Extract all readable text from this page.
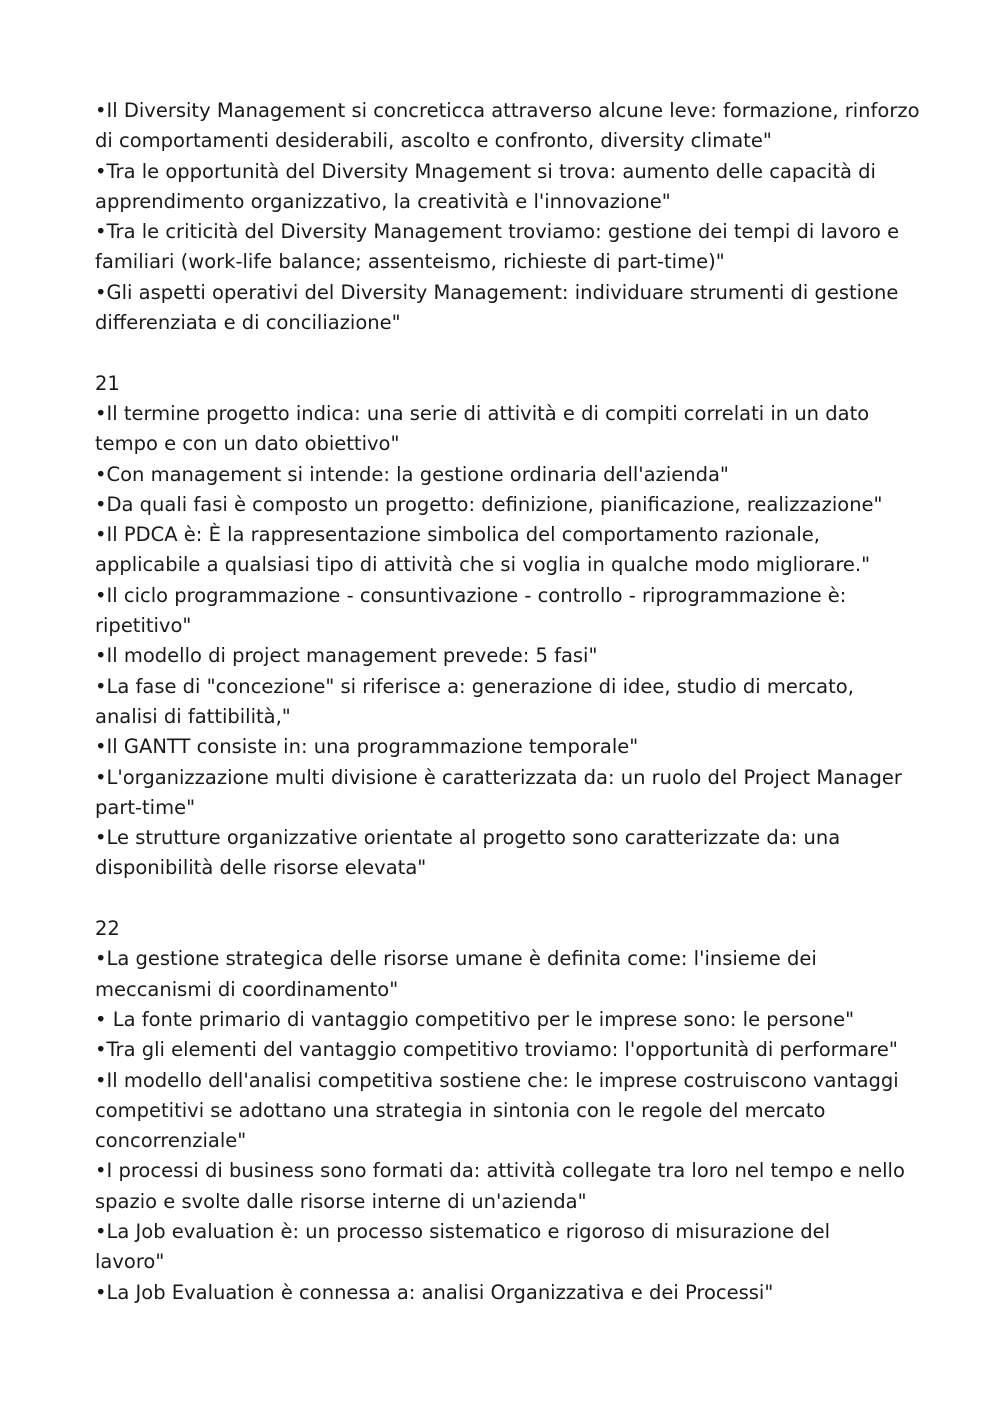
•Il Diversity Management si concreticca attraverso alcune leve: formazione, rinforzo
di comportamenti desiderabili, ascolto e confronto, diversity climate"
•Tra le opportunità del Diversity Mnagement si trova: aumento delle capacità di
apprendimento organizzativo, la creatività e l'innovazione"
•Tra le criticità del Diversity Management troviamo: gestione dei tempi di lavoro e
familiari (work-life balance; assenteismo, richieste di part-time)"
•Gli aspetti operativi del Diversity Management: individuare strumenti di gestione
differenziata e di conciliazione"
21
•Il termine progetto indica: una serie di attività e di compiti correlati in un dato
tempo e con un dato obiettivo"
•Con management si intende: la gestione ordinaria dell'azienda"
•Da quali fasi è composto un progetto: definizione, pianificazione, realizzazione"
•Il PDCA è: È la rappresentazione simbolica del comportamento razionale,
applicabile a qualsiasi tipo di attività che si voglia in qualche modo migliorare."
•Il ciclo programmazione - consuntivazione - controllo - riprogrammazione è:
ripetitivo"
•Il modello di project management prevede: 5 fasi"
•La fase di "concezione" si riferisce a: generazione di idee, studio di mercato,
analisi di fattibilità,"
•Il GANTT consiste in: una programmazione temporale"
•L'organizzazione multi divisione è caratterizzata da: un ruolo del Project Manager
part-time"
•Le strutture organizzative orientate al progetto sono caratterizzate da: una
disponibilità delle risorse elevata"
22
•La gestione strategica delle risorse umane è definita come: l'insieme dei
meccanismi di coordinamento"
• La fonte primario di vantaggio competitivo per le imprese sono: le persone"
•Tra gli elementi del vantaggio competitivo troviamo: l'opportunità di performare"
•Il modello dell'analisi competitiva sostiene che: le imprese costruiscono vantaggi
competitivi se adottano una strategia in sintonia con le regole del mercato
concorrenziale"
•I processi di business sono formati da: attività collegate tra loro nel tempo e nello
spazio e svolte dalle risorse interne di un'azienda"
•La Job evaluation è: un processo sistematico e rigoroso di misurazione del
lavoro"
•La Job Evaluation è connessa a: analisi Organizzativa e dei Processi"
